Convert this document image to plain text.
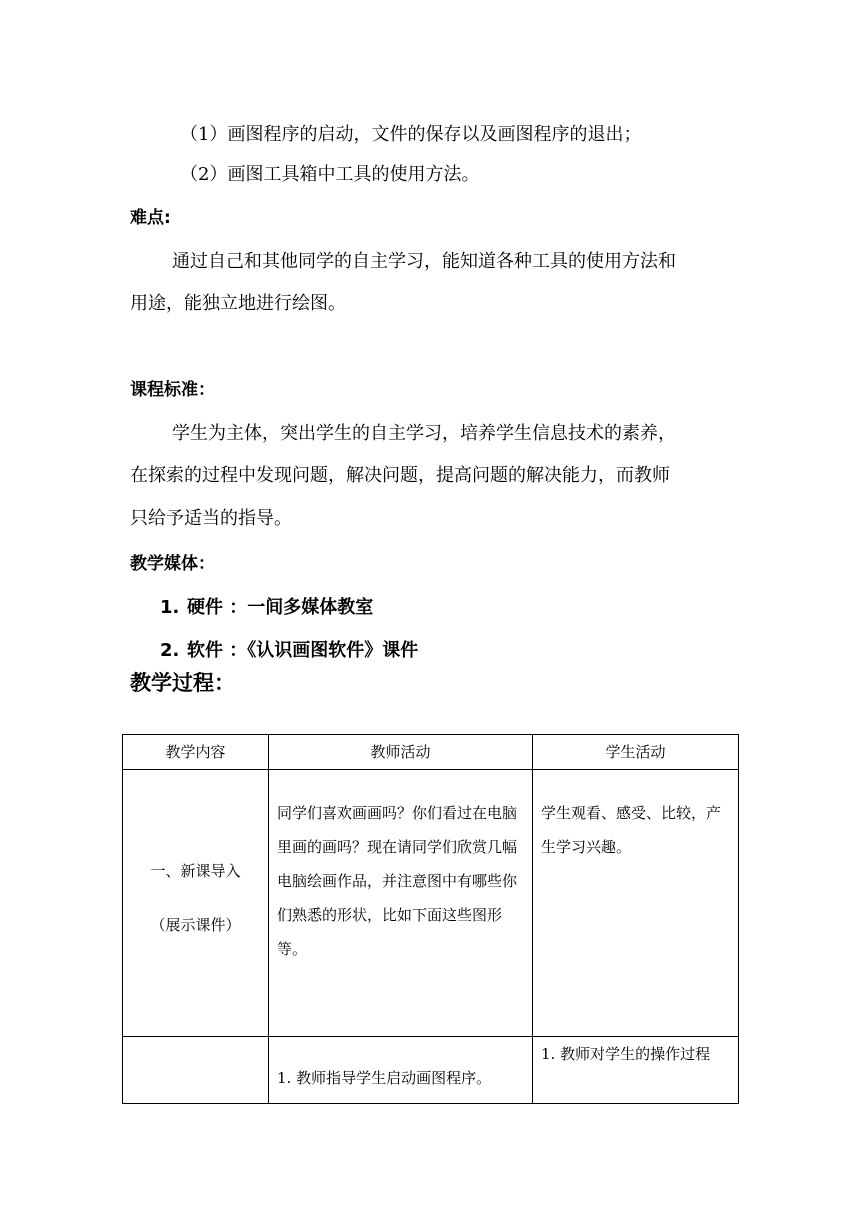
（1）画图程序的启动，文件的保存以及画图程序的退出；
（2）画图工具箱中工具的使用方法。
难点:
通过自己和其他同学的自主学习，能知道各种工具的使用方法和
用途，能独立地进行绘图。
课程标准：
学生为主体，突出学生的自主学习，培养学生信息技术的素养，
在探索的过程中发现问题，解决问题，提高问题的解决能力，而教师
只给予适当的指导。
教学媒体：
1. 硬件 ：一间多媒体教室
2. 软件 ：《认识画图软件》课件
教学过程：
教学内容	教师活动	学生活动

一、新课导入
（展示课件）	同学们喜欢画画吗？你们看过在电脑里画的画吗？现在请同学们欣赏几幅电脑绘画作品，并注意图中有哪些你们熟悉的形状，比如下面这些图形等。	学生观看、感受、比较，产生学习兴趣。

	1. 教师指导学生启动画图程序。	1. 教师对学生的操作过程
